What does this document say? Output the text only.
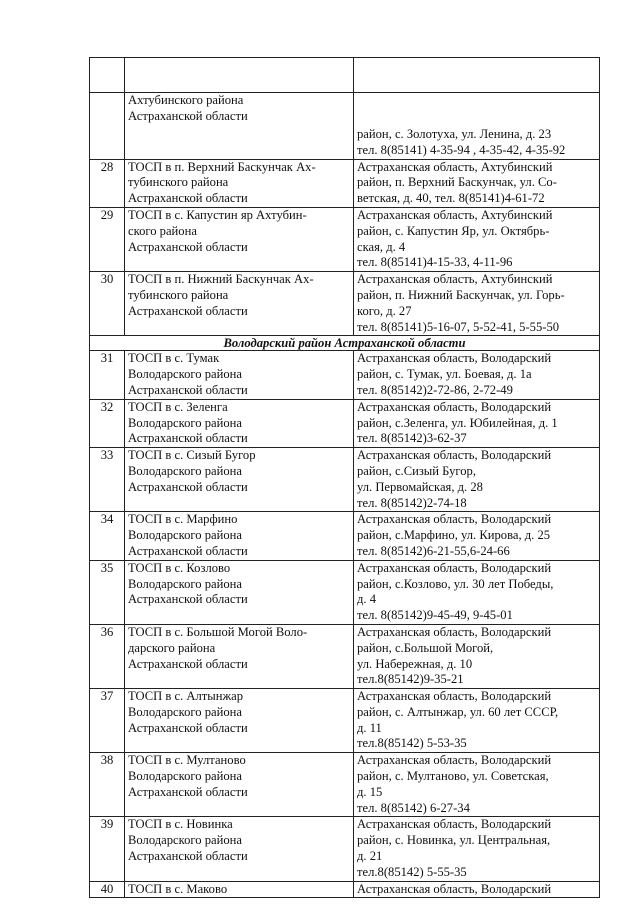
	Ахтубинского района
Астраханской области	район, с. Золотуха, ул. Ленина, д. 23
тел. 8(85141) 4-35-94 , 4-35-42, 4-35-92

28	ТОСП в п. Верхний Баскунчак Ах-
тубинского района
Астраханской области	Астраханская область, Ахтубинский
район, п. Верхний Баскунчак, ул. Со-
ветская, д. 40, тел. 8(85141)4-61-72

29	ТОСП в с. Капустин яр Ахтубин-
ского района
Астраханской области	Астраханская область, Ахтубинский
район, с. Капустин Яр, ул. Октябрь-
ская, д. 4
тел. 8(85141)4-15-33, 4-11-96

30	ТОСП в п. Нижний Баскунчак Ах-
тубинского района
Астраханской области	Астраханская область, Ахтубинский
район, п. Нижний Баскунчак, ул. Горь-
кого, д. 27
тел. 8(85141)5-16-07, 5-52-41, 5-55-50

Володарский район Астраханской области		
31	ТОСП в с. Тумак
Володарского района
Астраханской области	Астраханская область, Володарский
район, с. Тумак, ул. Боевая, д. 1а
тел. 8(85142)2-72-86, 2-72-49

32	ТОСП в с. Зеленга
Володарского района
Астраханской области	Астраханская область, Володарский
район, с.Зеленга, ул. Юбилейная, д. 1
тел. 8(85142)3-62-37

33	ТОСП в с. Сизый Бугор
Володарского района
Астраханской области	Астраханская область, Володарский
район, с.Сизый Бугор,
ул. Первомайская, д. 28
тел. 8(85142)2-74-18

34	ТОСП в с. Марфино
Володарского района
Астраханской области	Астраханская область, Володарский
район, с.Марфино, ул. Кирова, д. 25
тел. 8(85142)6-21-55,6-24-66

35	ТОСП в с. Козлово
Володарского района
Астраханской области	Астраханская область, Володарский
район, с.Козлово, ул. 30 лет Победы,
д. 4
тел. 8(85142)9-45-49, 9-45-01

36	ТОСП в с. Большой Могой Воло-
дарского района
Астраханской области	Астраханская область, Володарский
район, с.Большой Могой,
ул. Набережная, д. 10
тел.8(85142)9-35-21

37	ТОСП в с. Алтынжар
Володарского района
Астраханской области	Астраханская область, Володарский
район, с. Алтынжар, ул. 60 лет СССР,
д. 11
тел.8(85142) 5-53-35

38	ТОСП в с. Мултаново
Володарского района
Астраханской области	Астраханская область, Володарский
район, с. Мултаново, ул. Советская,
д. 15
тел. 8(85142) 6-27-34

39	ТОСП в с. Новинка
Володарского района
Астраханской области	Астраханская область, Володарский
район, с. Новинка, ул. Центральная,
д. 21
тел.8(85142) 5-55-35

40	ТОСП в с. Маково	Астраханская область, Володарский
